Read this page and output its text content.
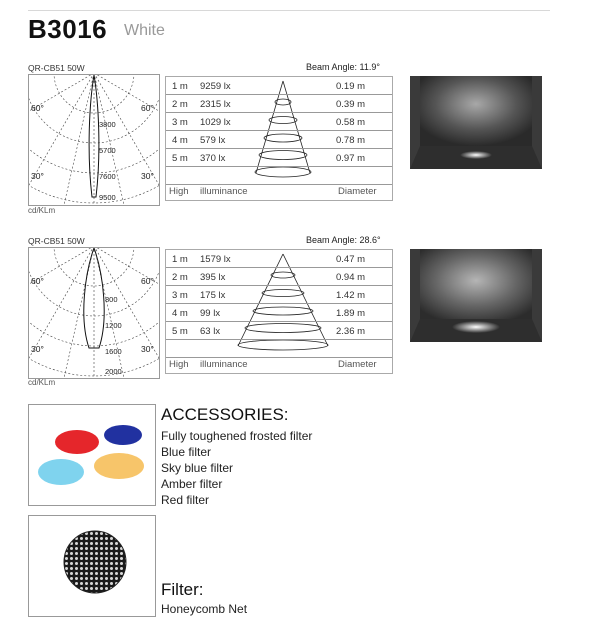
B3016 White
QR-CB51 50W	Beam Angle: 11.9°
60°	60°
30°	30°
3800
5700
7600
9500
cd/KLm
1 m 9259 lx	0.19 m
2 m 2315 lx	0.39 m
3 m 1029 lx	0.58 m
4 m 579 lx	0.78 m
5 m 370 lx	0.97 m
High illuminance	Diameter
QR-CB51 50W	Beam Angle: 28.6°
60°	60°
30°	30°
800
1200
1600
2000
cd/KLm
1 m 1579 lx	0.47 m
2 m 395 lx	0.94 m
3 m 175 lx	1.42 m
4 m 99 lx	1.89 m
5 m 63 lx	2.36 m
High illuminance	Diameter
ACCESSORIES:
Fully toughened frosted filter
Blue filter
Sky blue filter
Amber filter
Red filter
Filter:
Honeycomb Net
